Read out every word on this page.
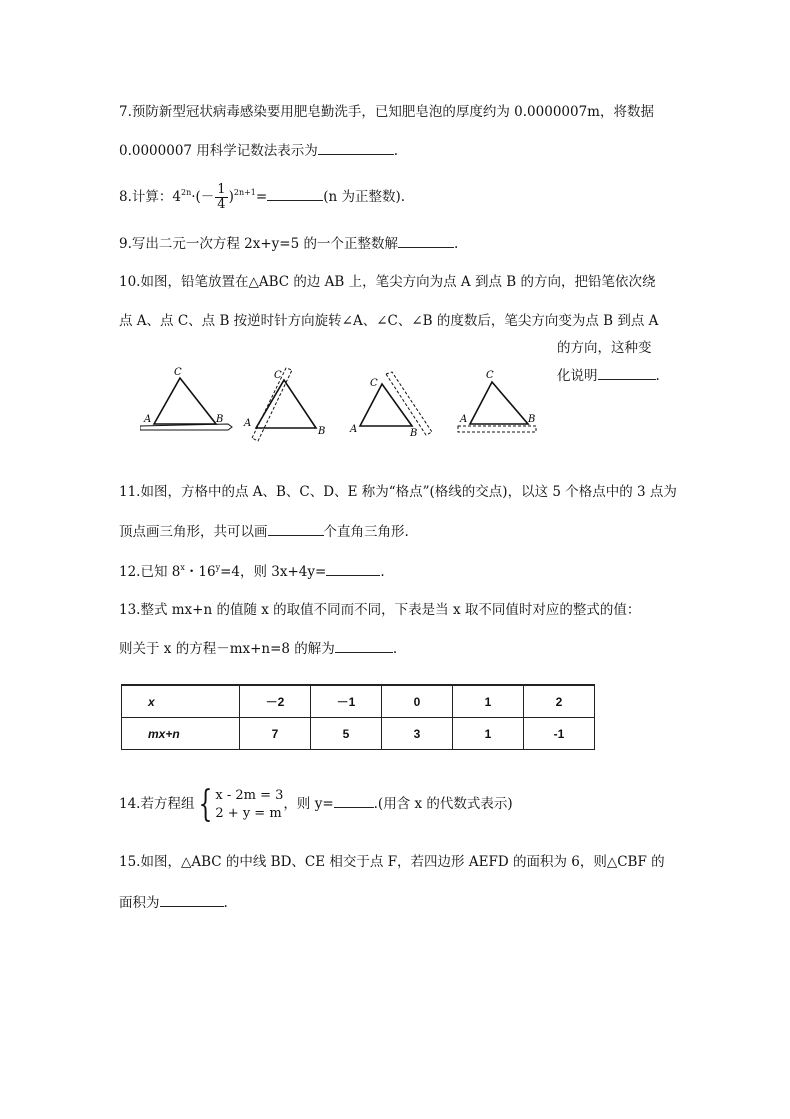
7.预防新型冠状病毒感染要用肥皂勤洗手，已知肥皂泡的厚度约为 0.0000007m，将数据
0.0000007 用科学记数法表示为	.
8.计算：$4^{2n}\cdot(- \frac{1}{4} )^{2n+1}=$	(n 为正整数).
9.写出二元一次方程 2x+y=5 的一个正整数解	.
10.如图，铅笔放置在△ABC 的边 AB 上，笔尖方向为点 A 到点 B 的方向，把铅笔依次绕
点 A、点 C、点 B 按逆时针方向旋转∠A、∠C、∠B 的度数后，笔尖方向变为点 B 到点 A
的方向，这种变
化说明	.
A
C
B A
C
B A
C
B
A
C
B
11.如图，方格中的点 A、B、C、D、E 称为“格点”(格线的交点)，以这 5 个格点中的 3 点为
顶点画三角形，共可以画	个直角三角形.
12.已知 8$^x$・$16^y=4$，则 3x+4y=	.
13.整式 mx+n 的值随 x 的取值不同而不同，下表是当 x 取不同值时对应的整式的值：
则关于 x 的方程－mx+n=8 的解为	.
x	－2	－1	0	1	2
mx+n	7	5	3	1	-1
14.若方程组 { x - 2m = 3
2 + y = m
，则 y=	.(用含 x 的代数式表示)
15.如图，△ABC 的中线 BD、CE 相交于点 F，若四边形 AEFD 的面积为 6，则△CBF 的
面积为	.
